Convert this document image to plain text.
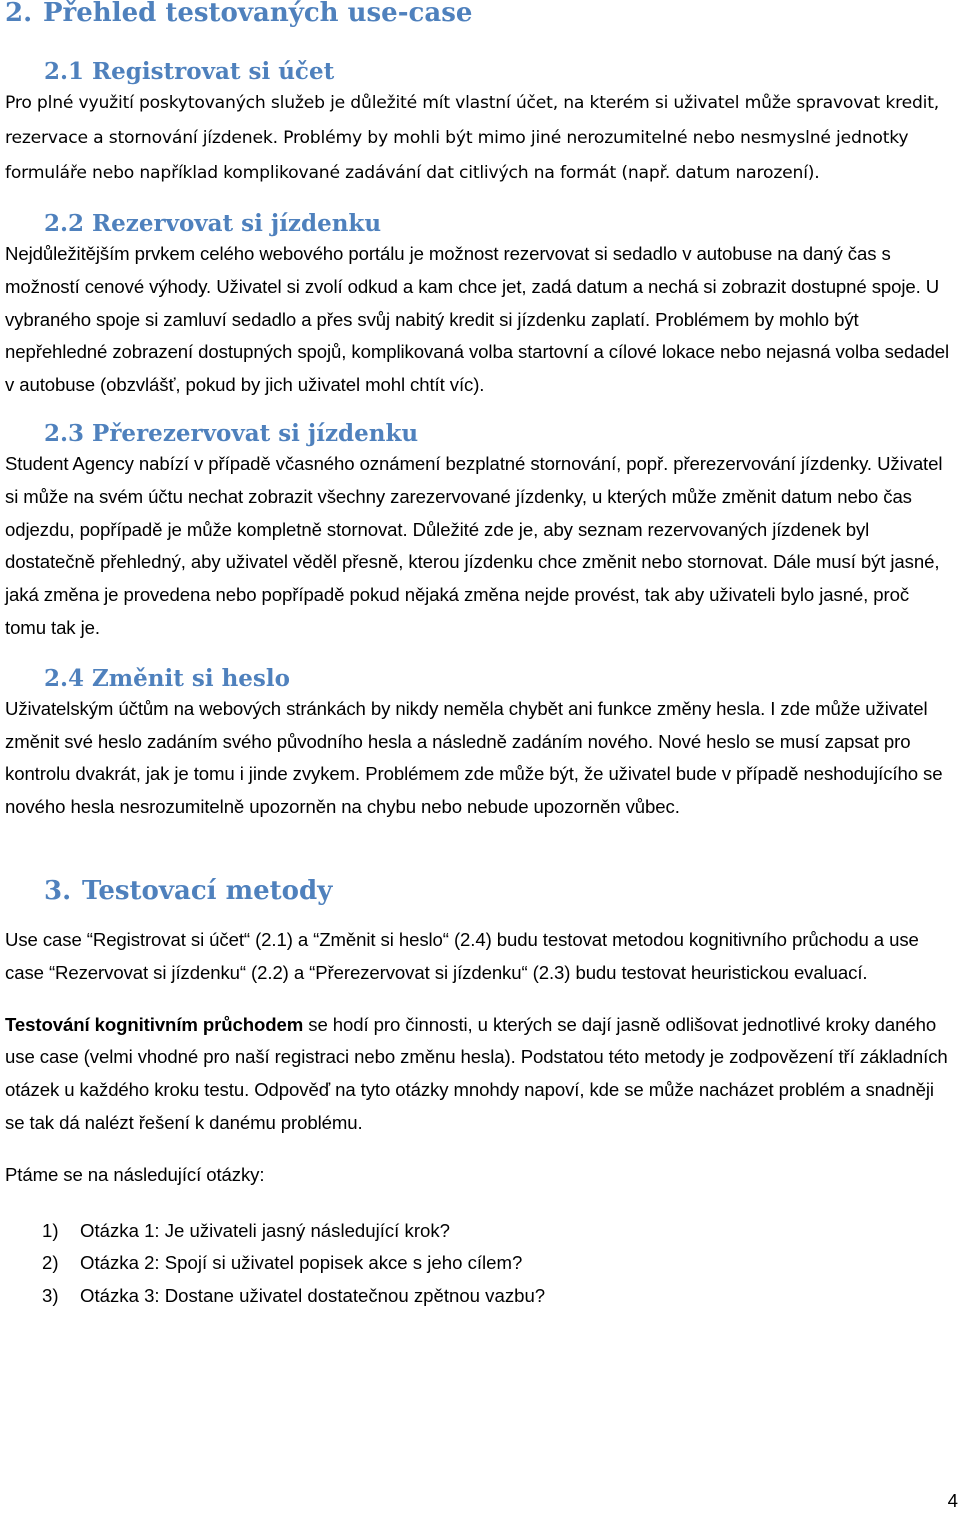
2. Přehled testovaných use-case
2.1 Registrovat si účet

Pro plné využití poskytovaných služeb je důležité mít vlastní účet, na kterém si uživatel může spravovat kredit, rezervace a stornování jízdenek. Problémy by mohli být mimo jiné nerozumitelné nebo nesmyslné jednotky formuláře nebo například komplikované zadávání dat citlivých na formát (např. datum narození).

2.2 Rezervovat si jízdenku

Nejdůležitějším prvkem celého webového portálu je možnost rezervovat si sedadlo v autobuse na daný čas s možností cenové výhody. Uživatel si zvolí odkud a kam chce jet, zadá datum a nechá si zobrazit dostupné spoje. U vybraného spoje si zamluví sedadlo a přes svůj nabitý kredit si jízdenku zaplatí. Problémem by mohlo být nepřehledné zobrazení dostupných spojů, komplikovaná volba startovní a cílové lokace nebo nejasná volba sedadel v autobuse (obzvlášť, pokud by jich uživatel mohl chtít víc).

2.3 Přerezervovat si jízdenku

Student Agency nabízí v případě včasného oznámení bezplatné stornování, popř. přerezervování jízdenky. Uživatel si může na svém účtu nechat zobrazit všechny zarezervované jízdenky, u kterých může změnit datum nebo čas odjezdu, popřípadě je může kompletně stornovat. Důležité zde je, aby seznam rezervovaných jízdenek byl dostatečně přehledný, aby uživatel věděl přesně, kterou jízdenku chce změnit nebo stornovat. Dále musí být jasné, jaká změna je provedena nebo popřípadě pokud nějaká změna nejde provést, tak aby uživateli bylo jasné, proč tomu tak je.

2.4 Změnit si heslo

Uživatelským účtům na webových stránkách by nikdy neměla chybět ani funkce změny hesla. I zde může uživatel změnit své heslo zadáním svého původního hesla a následně zadáním nového. Nové heslo se musí zapsat pro kontrolu dvakrát, jak je tomu i jinde zvykem. Problémem zde může být, že uživatel bude v případě neshodujícího se nového hesla nesrozumitelně upozorněn na chybu nebo nebude upozorněn vůbec.

3. Testovací metody

Use case “Registrovat si účet“ (2.1) a “Změnit si heslo“ (2.4) budu testovat metodou kognitivního průchodu a use case “Rezervovat si jízdenku“ (2.2) a “Přerezervovat si jízdenku“ (2.3) budu testovat heuristickou evaluací.

Testování kognitivním průchodem se hodí pro činnosti, u kterých se dají jasně odlišovat jednotlivé kroky daného use case (velmi vhodné pro naší registraci nebo změnu hesla). Podstatou této metody je zodpovězení tří základních otázek u každého kroku testu. Odpověď na tyto otázky mnohdy napoví, kde se může nacházet problém a snadněji se tak dá nalézt řešení k danému problému.

Ptáme se na následující otázky:

1) Otázka 1: Je uživateli jasný následující krok?
2) Otázka 2: Spojí si uživatel popisek akce s jeho cílem?
3) Otázka 3: Dostane uživatel dostatečnou zpětnou vazbu?
4
